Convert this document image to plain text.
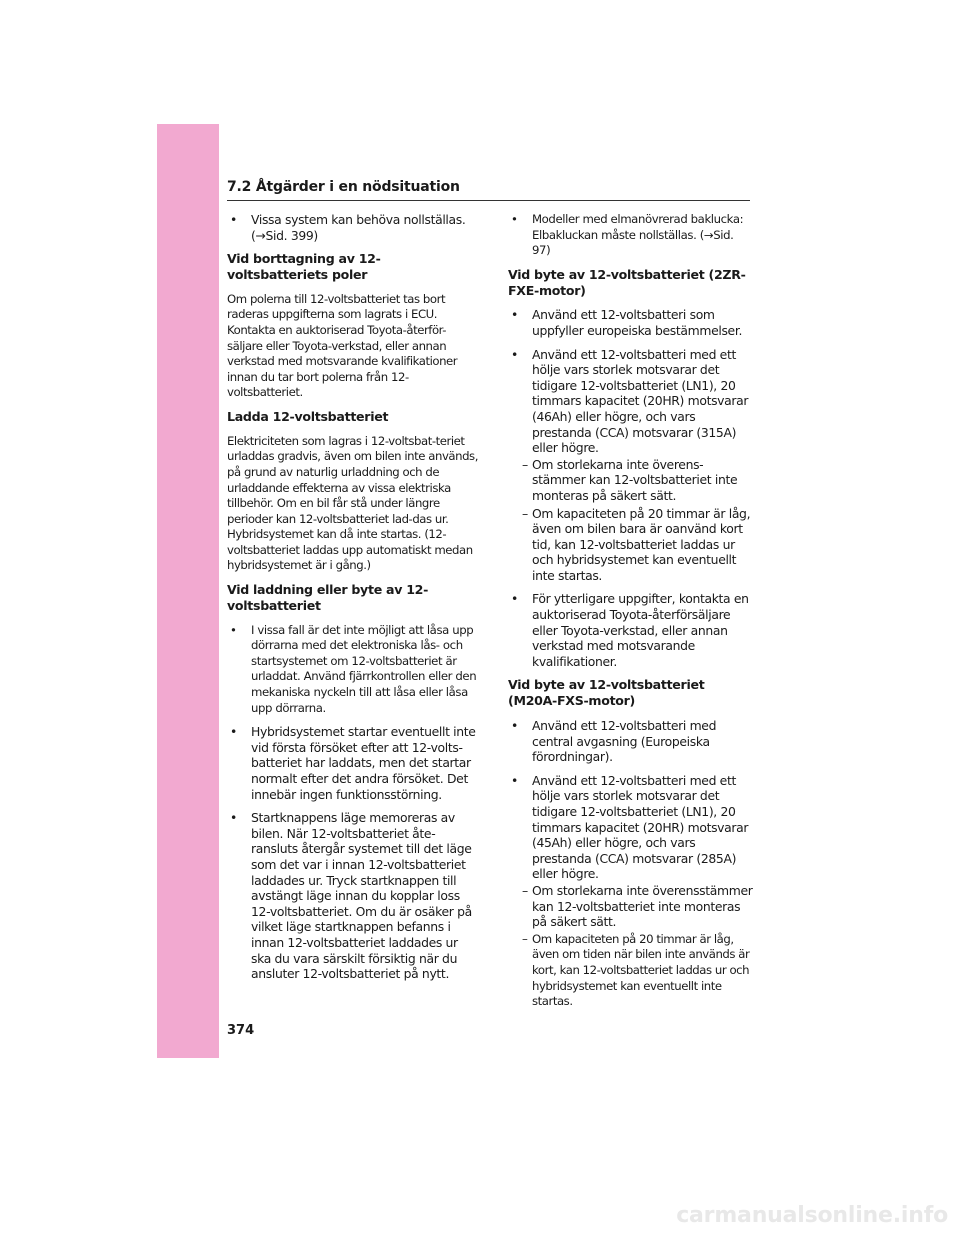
7.2 Åtgärder i en nödsituation
• Vissa system kan behöva nollställas. (→Sid. 399)
Vid borttagning av 12-voltsbatteriets poler
Om polerna till 12-voltsbatteriet tas bort raderas uppgifterna som lagrats i ECU. Kontakta en auktoriserad Toyota-återför-säljare eller Toyota-verkstad, eller annan verkstad med motsvarande kvalifikationer innan du tar bort polerna från 12-voltsbatteriet.
Ladda 12-voltsbatteriet
Elektriciteten som lagras i 12-voltsbat-teriet urladdas gradvis, även om bilen inte används, på grund av naturlig urladdning och de urladdande effekterna av vissa elektriska tillbehör. Om en bil får stå under längre perioder kan 12-voltsbatteriet lad-das ur. Hybridsystemet kan då inte startas. (12-voltsbatteriet laddas upp automatiskt medan hybridsystemet är i gång.)
Vid laddning eller byte av 12-voltsbatteriet
• I vissa fall är det inte möjligt att låsa upp dörrarna med det elektroniska lås- och startsystemet om 12-voltsbatteriet är urladdat. Använd fjärrkontrollen eller den mekaniska nyckeln till att låsa eller låsa upp dörrarna.
• Hybridsystemet startar eventuellt inte vid första försöket efter att 12-volts-batteriet har laddats, men det startar normalt efter det andra försöket. Det innebär ingen funktionsstörning.
• Startknappens läge memoreras av bilen. När 12-voltsbatteriet åte-ransluts återgår systemet till det läge som det var i innan 12-voltsbatteriet laddades ur. Tryck startknappen till avstängt läge innan du kopplar loss 12-voltsbatteriet. Om du är osäker på vilket läge startknappen befanns i innan 12-voltsbatteriet laddades ur ska du vara särskilt försiktig när du ansluter 12-voltsbatteriet på nytt.
• Modeller med elmanövrerad baklucka: Elbakluckan måste nollställas. (→Sid. 97)
Vid byte av 12-voltsbatteriet (2ZR-FXE-motor)
• Använd ett 12-voltsbatteri som uppfyller europeiska bestämmelser.
• Använd ett 12-voltsbatteri med ett hölje vars storlek motsvarar det tidigare 12-voltsbatteriet (LN1), 20 timmars kapacitet (20HR) motsvarar (46Ah) eller högre, och vars prestanda (CCA) motsvarar (315A) eller högre.
–
Om storlekarna inte överens-stämmer kan 12-voltsbatteriet inte monteras på säkert sätt.
–
Om kapaciteten på 20 timmar är låg, även om bilen bara är oanvänd kort tid, kan 12-voltsbatteriet laddas ur och hybridsystemet kan eventuellt inte startas.
• För ytterligare uppgifter, kontakta en auktoriserad Toyota-återförsäljare eller Toyota-verkstad, eller annan verkstad med motsvarande kvalifikationer.
Vid byte av 12-voltsbatteriet (M20A-FXS-motor)
• Använd ett 12-voltsbatteri med central avgasning (Europeiska förordningar).
• Använd ett 12-voltsbatteri med ett hölje vars storlek motsvarar det tidigare 12-voltsbatteriet (LN1), 20 timmars kapacitet (20HR) motsvarar (45Ah) eller högre, och vars prestanda (CCA) motsvarar (285A) eller högre.
–
Om storlekarna inte överensstämmer kan 12-voltsbatteriet inte monteras på säkert sätt.
–
Om kapaciteten på 20 timmar är låg, även om tiden när bilen inte används är kort, kan 12-voltsbatteriet laddas ur och hybridsystemet kan eventuellt inte startas.
374
carmanualsonline.info
